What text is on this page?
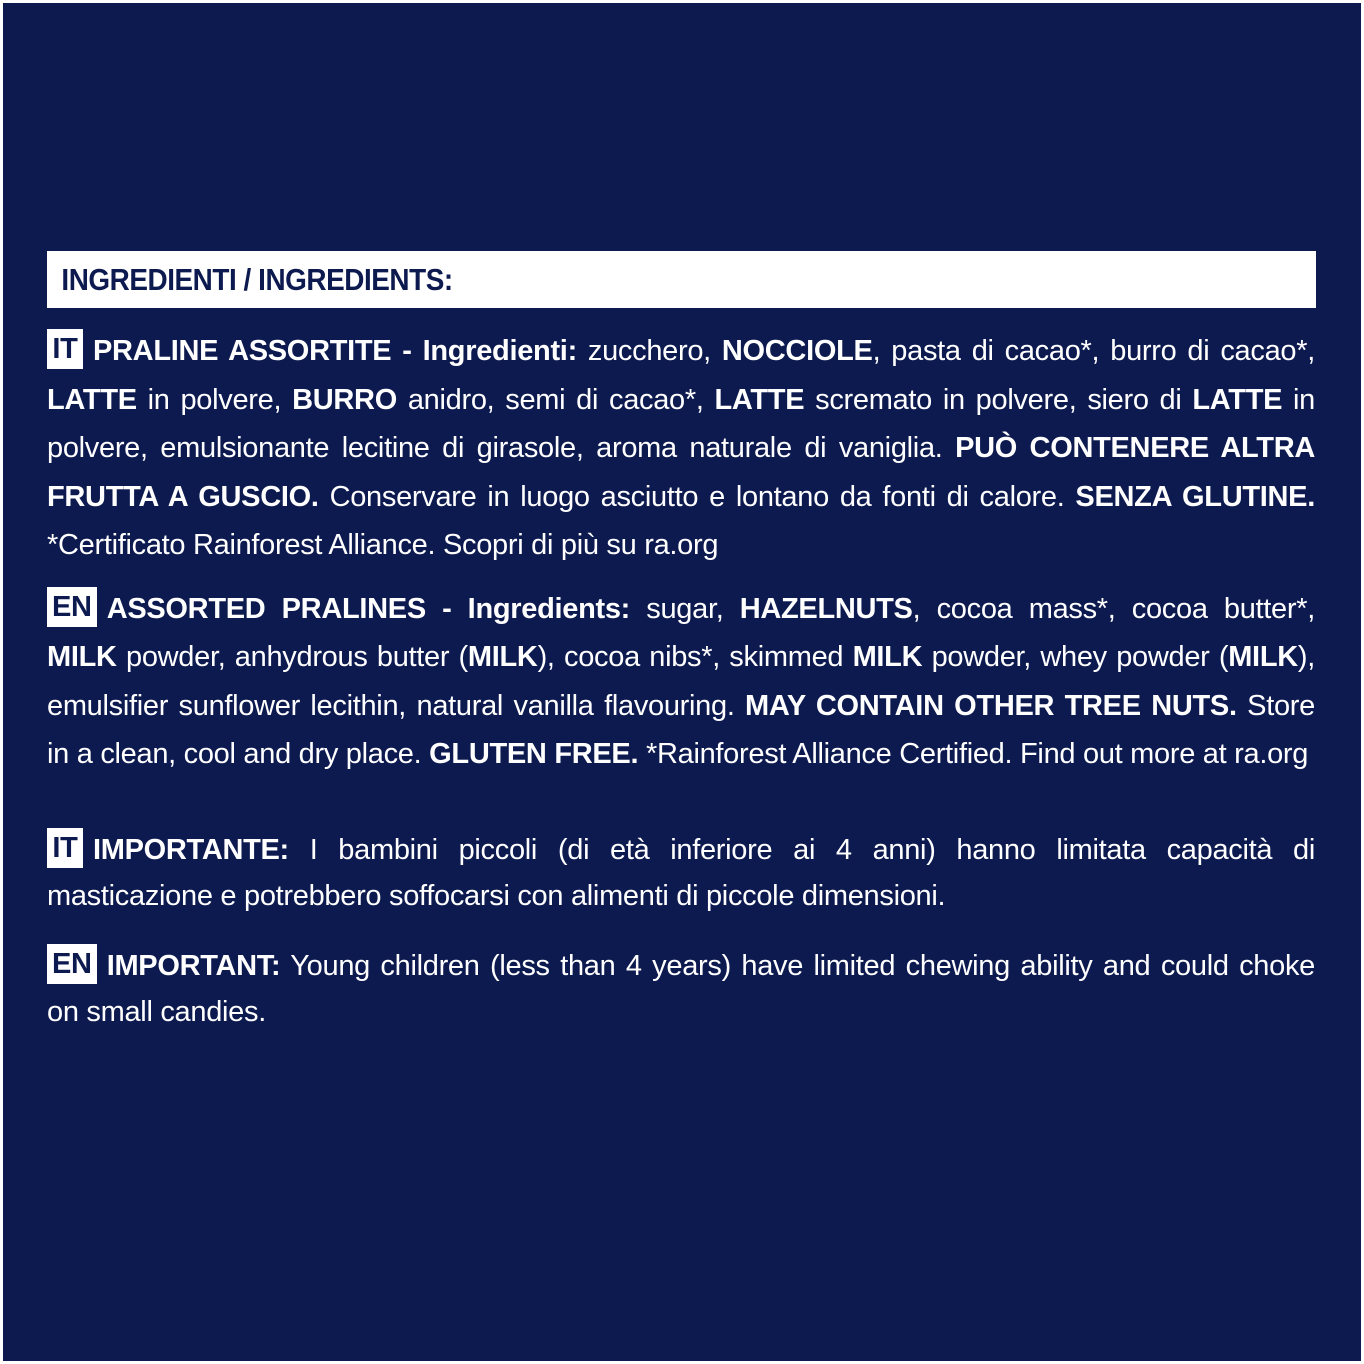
INGREDIENTI / INGREDIENTS:

IT PRALINE ASSORTITE - Ingredienti: zucchero, NOCCIOLE, pasta di cacao*, burro di cacao*, LATTE in polvere, BURRO anidro, semi di cacao*, LATTE scremato in polvere, siero di LATTE in polvere, emulsionante lecitine di girasole, aroma naturale di vaniglia. PUÒ CONTENERE ALTRA FRUTTA A GUSCIO. Conservare in luogo asciutto e lontano da fonti di calore. SENZA GLUTINE. *Certificato Rainforest Alliance. Scopri di più su ra.org

EN ASSORTED PRALINES - Ingredients: sugar, HAZELNUTS, cocoa mass*, cocoa butter*, MILK powder, anhydrous butter (MILK), cocoa nibs*, skimmed MILK powder, whey powder (MILK), emulsifier sunflower lecithin, natural vanilla flavouring. MAY CONTAIN OTHER TREE NUTS. Store in a clean, cool and dry place. GLUTEN FREE. *Rainforest Alliance Certified. Find out more at ra.org

IT IMPORTANTE: I bambini piccoli (di età inferiore ai 4 anni) hanno limitata capacità di masticazione e potrebbero soffocarsi con alimenti di piccole dimensioni.

EN IMPORTANT: Young children (less than 4 years) have limited chewing ability and could choke on small candies.
